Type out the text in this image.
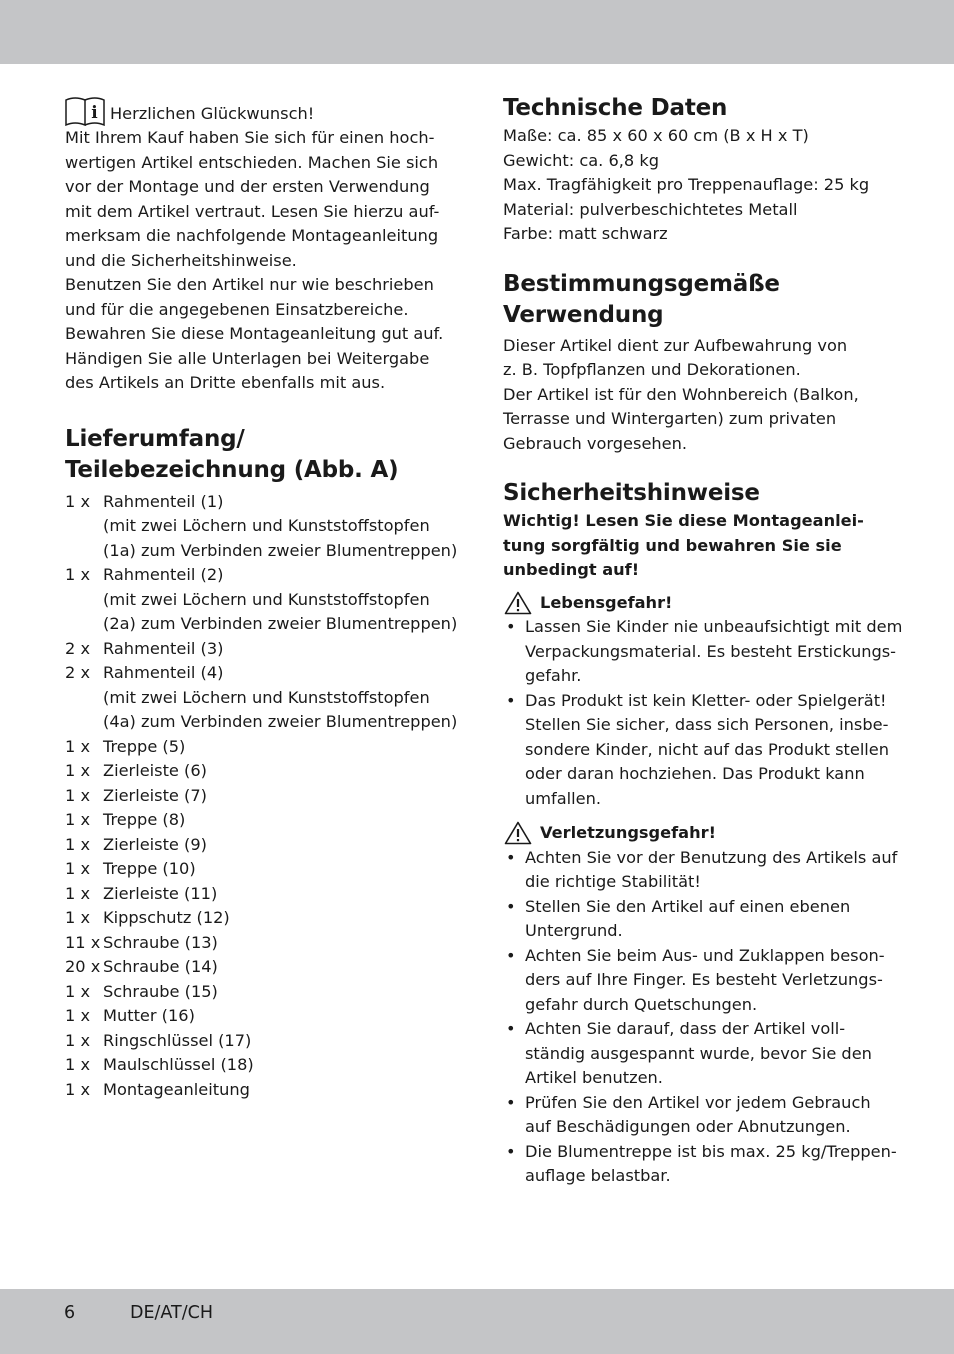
i Herzlichen Glückwunsch!
Mit Ihrem Kauf haben Sie sich für einen hoch-
wertigen Artikel entschieden. Machen Sie sich
vor der Montage und der ersten Verwendung
mit dem Artikel vertraut. Lesen Sie hierzu auf-
merksam die nachfolgende Montageanleitung
und die Sicherheitshinweise.
Benutzen Sie den Artikel nur wie beschrieben
und für die angegebenen Einsatzbereiche.
Bewahren Sie diese Montageanleitung gut auf.
Händigen Sie alle Unterlagen bei Weitergabe
des Artikels an Dritte ebenfalls mit aus.
Lieferumfang/
Teilebezeichnung (Abb. A)
1 x Rahmenteil (1)
(mit zwei Löchern und Kunststoffstopfen
(1a) zum Verbinden zweier Blumentreppen)
1 x Rahmenteil (2)
(mit zwei Löchern und Kunststoffstopfen
(2a) zum Verbinden zweier Blumentreppen)
2 x Rahmenteil (3)
2 x Rahmenteil (4)
(mit zwei Löchern und Kunststoffstopfen
(4a) zum Verbinden zweier Blumentreppen)
1 x Treppe (5)
1 x Zierleiste (6)
1 x Zierleiste (7)
1 x Treppe (8)
1 x Zierleiste (9)
1 x Treppe (10)
1 x Zierleiste (11)
1 x Kippschutz (12)
11 x Schraube (13)
20 x Schraube (14)
1 x Schraube (15)
1 x Mutter (16)
1 x Ringschlüssel (17)
1 x Maulschlüssel (18)
1 x Montageanleitung
Technische Daten
Maße: ca. 85 x 60 x 60 cm (B x H x T)
Gewicht: ca. 6,8 kg
Max. Tragfähigkeit pro Treppenauflage: 25 kg
Material: pulverbeschichtetes Metall
Farbe: matt schwarz
Bestimmungsgemäße
Verwendung
Dieser Artikel dient zur Aufbewahrung von
z. B. Topfpflanzen und Dekorationen.
Der Artikel ist für den Wohnbereich (Balkon,
Terrasse und Wintergarten) zum privaten
Gebrauch vorgesehen.
Sicherheitshinweise
Wichtig! Lesen Sie diese Montageanlei-
tung sorgfältig und bewahren Sie sie
unbedingt auf!
Lebensgefahr!
• Lassen Sie Kinder nie unbeaufsichtigt mit dem
Verpackungsmaterial. Es besteht Erstickungs-
gefahr.
• Das Produkt ist kein Kletter- oder Spielgerät!
Stellen Sie sicher, dass sich Personen, insbe-
sondere Kinder, nicht auf das Produkt stellen
oder daran hochziehen. Das Produkt kann
umfallen.
Verletzungsgefahr!
• Achten Sie vor der Benutzung des Artikels auf
die richtige Stabilität!
• Stellen Sie den Artikel auf einen ebenen
Untergrund.
• Achten Sie beim Aus- und Zuklappen beson-
ders auf Ihre Finger. Es besteht Verletzungs-
gefahr durch Quetschungen.
• Achten Sie darauf, dass der Artikel voll-
ständig ausgespannt wurde, bevor Sie den
Artikel benutzen.
• Prüfen Sie den Artikel vor jedem Gebrauch
auf Beschädigungen oder Abnutzungen.
• Die Blumentreppe ist bis max. 25 kg/Treppen-
auflage belastbar.
6	DE/AT/CH
